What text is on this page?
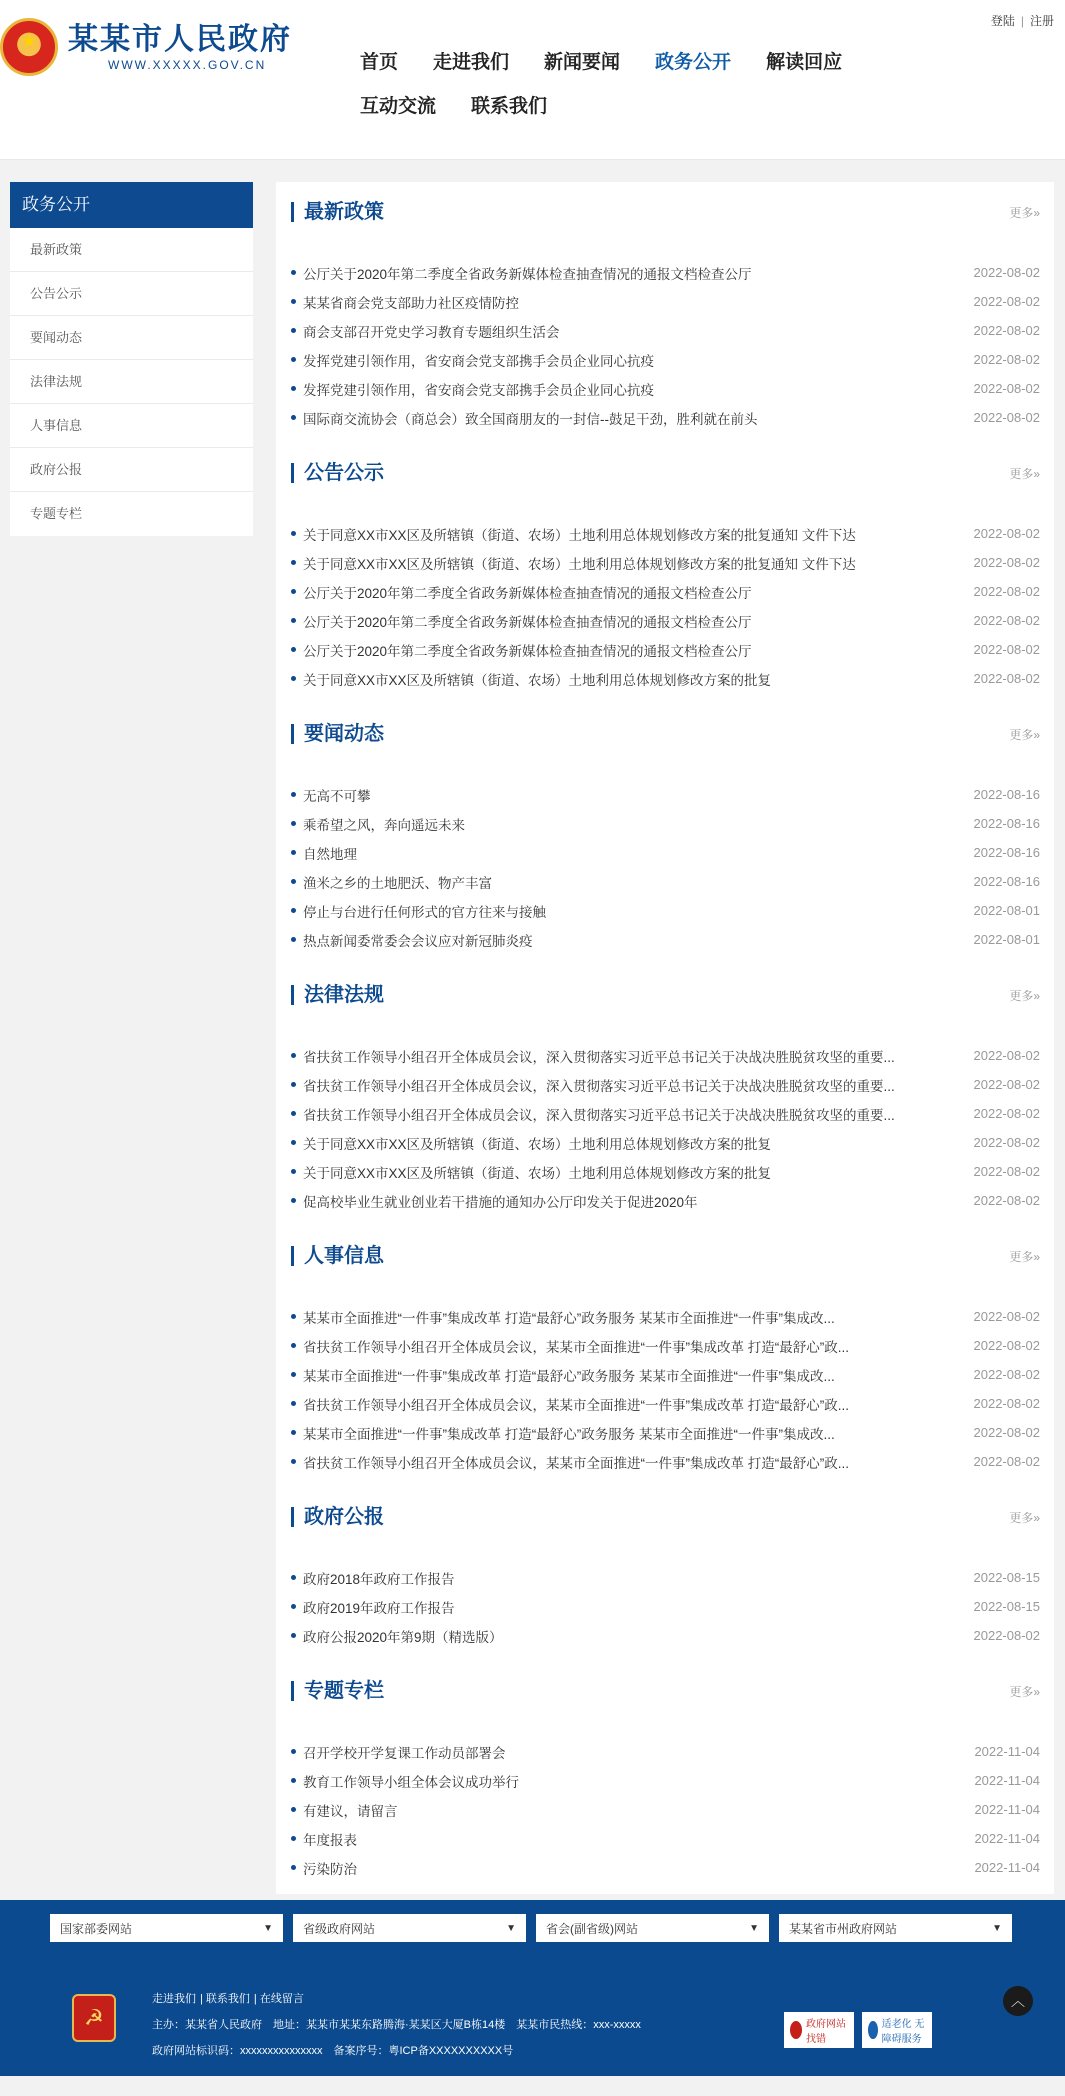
★
某某市人民政府
WWW.XXXXX.GOV.CN
登陆 | 注册
首页 走进我们 新闻要闻 政务公开 解读回应
互动交流 联系我们
政务公开
最新政策
公告公示
要闻动态
法律法规
人事信息
政府公报
专题专栏
最新政策	更多»
公厅关于2020年第二季度全省政务新媒体检查抽查情况的通报文档检查公厅	2022-08-02
某某省商会党支部助力社区疫情防控	2022-08-02
商会支部召开党史学习教育专题组织生活会	2022-08-02
发挥党建引领作用，省安商会党支部携手会员企业同心抗疫	2022-08-02
发挥党建引领作用，省安商会党支部携手会员企业同心抗疫	2022-08-02
国际商交流协会（商总会）致全国商朋友的一封信--鼓足干劲，胜利就在前头	2022-08-02
公告公示	更多»
关于同意XX市XX区及所辖镇（街道、农场）土地利用总体规划修改方案的批复通知 文件下达	2022-08-02
关于同意XX市XX区及所辖镇（街道、农场）土地利用总体规划修改方案的批复通知 文件下达	2022-08-02
公厅关于2020年第二季度全省政务新媒体检查抽查情况的通报文档检查公厅	2022-08-02
公厅关于2020年第二季度全省政务新媒体检查抽查情况的通报文档检查公厅	2022-08-02
公厅关于2020年第二季度全省政务新媒体检查抽查情况的通报文档检查公厅	2022-08-02
关于同意XX市XX区及所辖镇（街道、农场）土地利用总体规划修改方案的批复	2022-08-02
要闻动态	更多»
无高不可攀	2022-08-16
乘希望之风，奔向遥远未来	2022-08-16
自然地理	2022-08-16
渔米之乡的土地肥沃、物产丰富	2022-08-16
停止与台进行任何形式的官方往来与接触	2022-08-01
热点新闻委常委会会议应对新冠肺炎疫	2022-08-01
法律法规	更多»
省扶贫工作领导小组召开全体成员会议，深入贯彻落实习近平总书记关于决战决胜脱贫攻坚的重要...	2022-08-02
省扶贫工作领导小组召开全体成员会议，深入贯彻落实习近平总书记关于决战决胜脱贫攻坚的重要...	2022-08-02
省扶贫工作领导小组召开全体成员会议，深入贯彻落实习近平总书记关于决战决胜脱贫攻坚的重要...	2022-08-02
关于同意XX市XX区及所辖镇（街道、农场）土地利用总体规划修改方案的批复	2022-08-02
关于同意XX市XX区及所辖镇（街道、农场）土地利用总体规划修改方案的批复	2022-08-02
促高校毕业生就业创业若干措施的通知办公厅印发关于促进2020年	2022-08-02
人事信息	更多»
某某市全面推进“一件事”集成改革 打造“最舒心”政务服务 某某市全面推进“一件事”集成改...	2022-08-02
省扶贫工作领导小组召开全体成员会议，某某市全面推进“一件事”集成改革 打造“最舒心”政...	2022-08-02
某某市全面推进“一件事”集成改革 打造“最舒心”政务服务 某某市全面推进“一件事”集成改...	2022-08-02
省扶贫工作领导小组召开全体成员会议，某某市全面推进“一件事”集成改革 打造“最舒心”政...	2022-08-02
某某市全面推进“一件事”集成改革 打造“最舒心”政务服务 某某市全面推进“一件事”集成改...	2022-08-02
省扶贫工作领导小组召开全体成员会议，某某市全面推进“一件事”集成改革 打造“最舒心”政...	2022-08-02
政府公报	更多»
政府2018年政府工作报告	2022-08-15
政府2019年政府工作报告	2022-08-15
政府公报2020年第9期（精选版）	2022-08-02
专题专栏	更多»
召开学校开学复课工作动员部署会	2022-11-04
教育工作领导小组全体会议成功举行	2022-11-04
有建议，请留言	2022-11-04
年度报表	2022-11-04
污染防治	2022-11-04
国家部委网站	▼	省级政府网站	▼	省会(副省级)网站	▼	某某省市州政府网站	▼
☭
走进我们 | 联系我们 | 在线留言
主办：某某省人民政府　地址：某某市某某东路腾海·某某区大厦B栋14楼　某某市民热线：xxx-xxxxx
政府网站标识码：xxxxxxxxxxxxxxx　备案序号：粤ICP备XXXXXXXXXX号
政府网站 找错
适老化 无障碍服务
︿
